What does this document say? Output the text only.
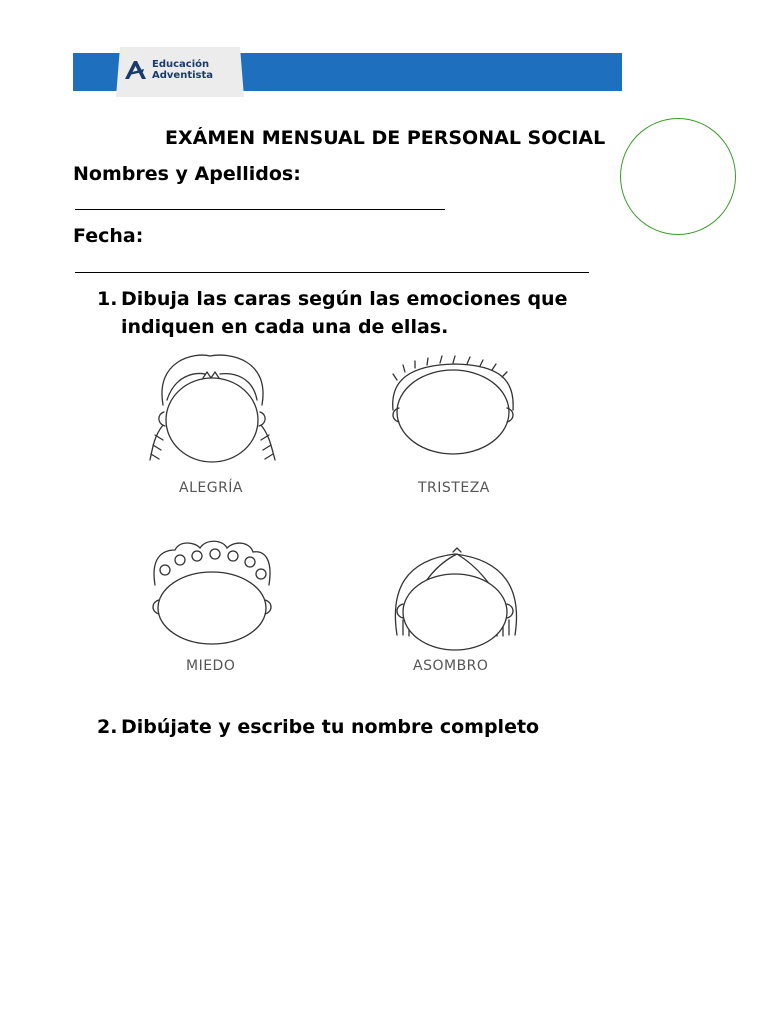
Educación
Adventista
EXÁMEN MENSUAL DE PERSONAL SOCIAL
Nombres y Apellidos:
Fecha:
1. Dibuja las caras según las emociones que
indiquen en cada una de ellas.
ALEGRÍA	TRISTEZA
MIEDO	ASOMBRO
2. Dibújate y escribe tu nombre completo
